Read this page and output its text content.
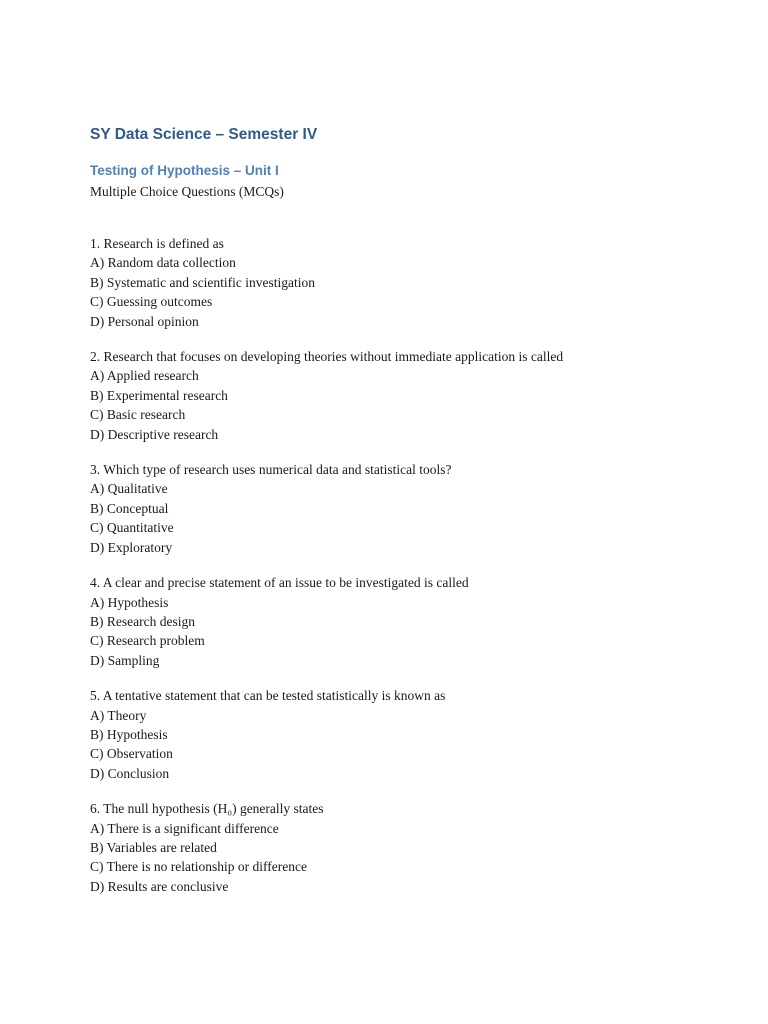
SY Data Science – Semester IV
Testing of Hypothesis – Unit I

Multiple Choice Questions (MCQs)

1. Research is defined as
A) Random data collection
B) Systematic and scientific investigation
C) Guessing outcomes
D) Personal opinion
2. Research that focuses on developing theories without immediate application is called
A) Applied research
B) Experimental research
C) Basic research
D) Descriptive research
3. Which type of research uses numerical data and statistical tools?
A) Qualitative
B) Conceptual
C) Quantitative
D) Exploratory
4. A clear and precise statement of an issue to be investigated is called
A) Hypothesis
B) Research design
C) Research problem
D) Sampling
5. A tentative statement that can be tested statistically is known as
A) Theory
B) Hypothesis
C) Observation
D) Conclusion
6. The null hypothesis (H₀) generally states
A) There is a significant difference
B) Variables are related
C) There is no relationship or difference
D) Results are conclusive
